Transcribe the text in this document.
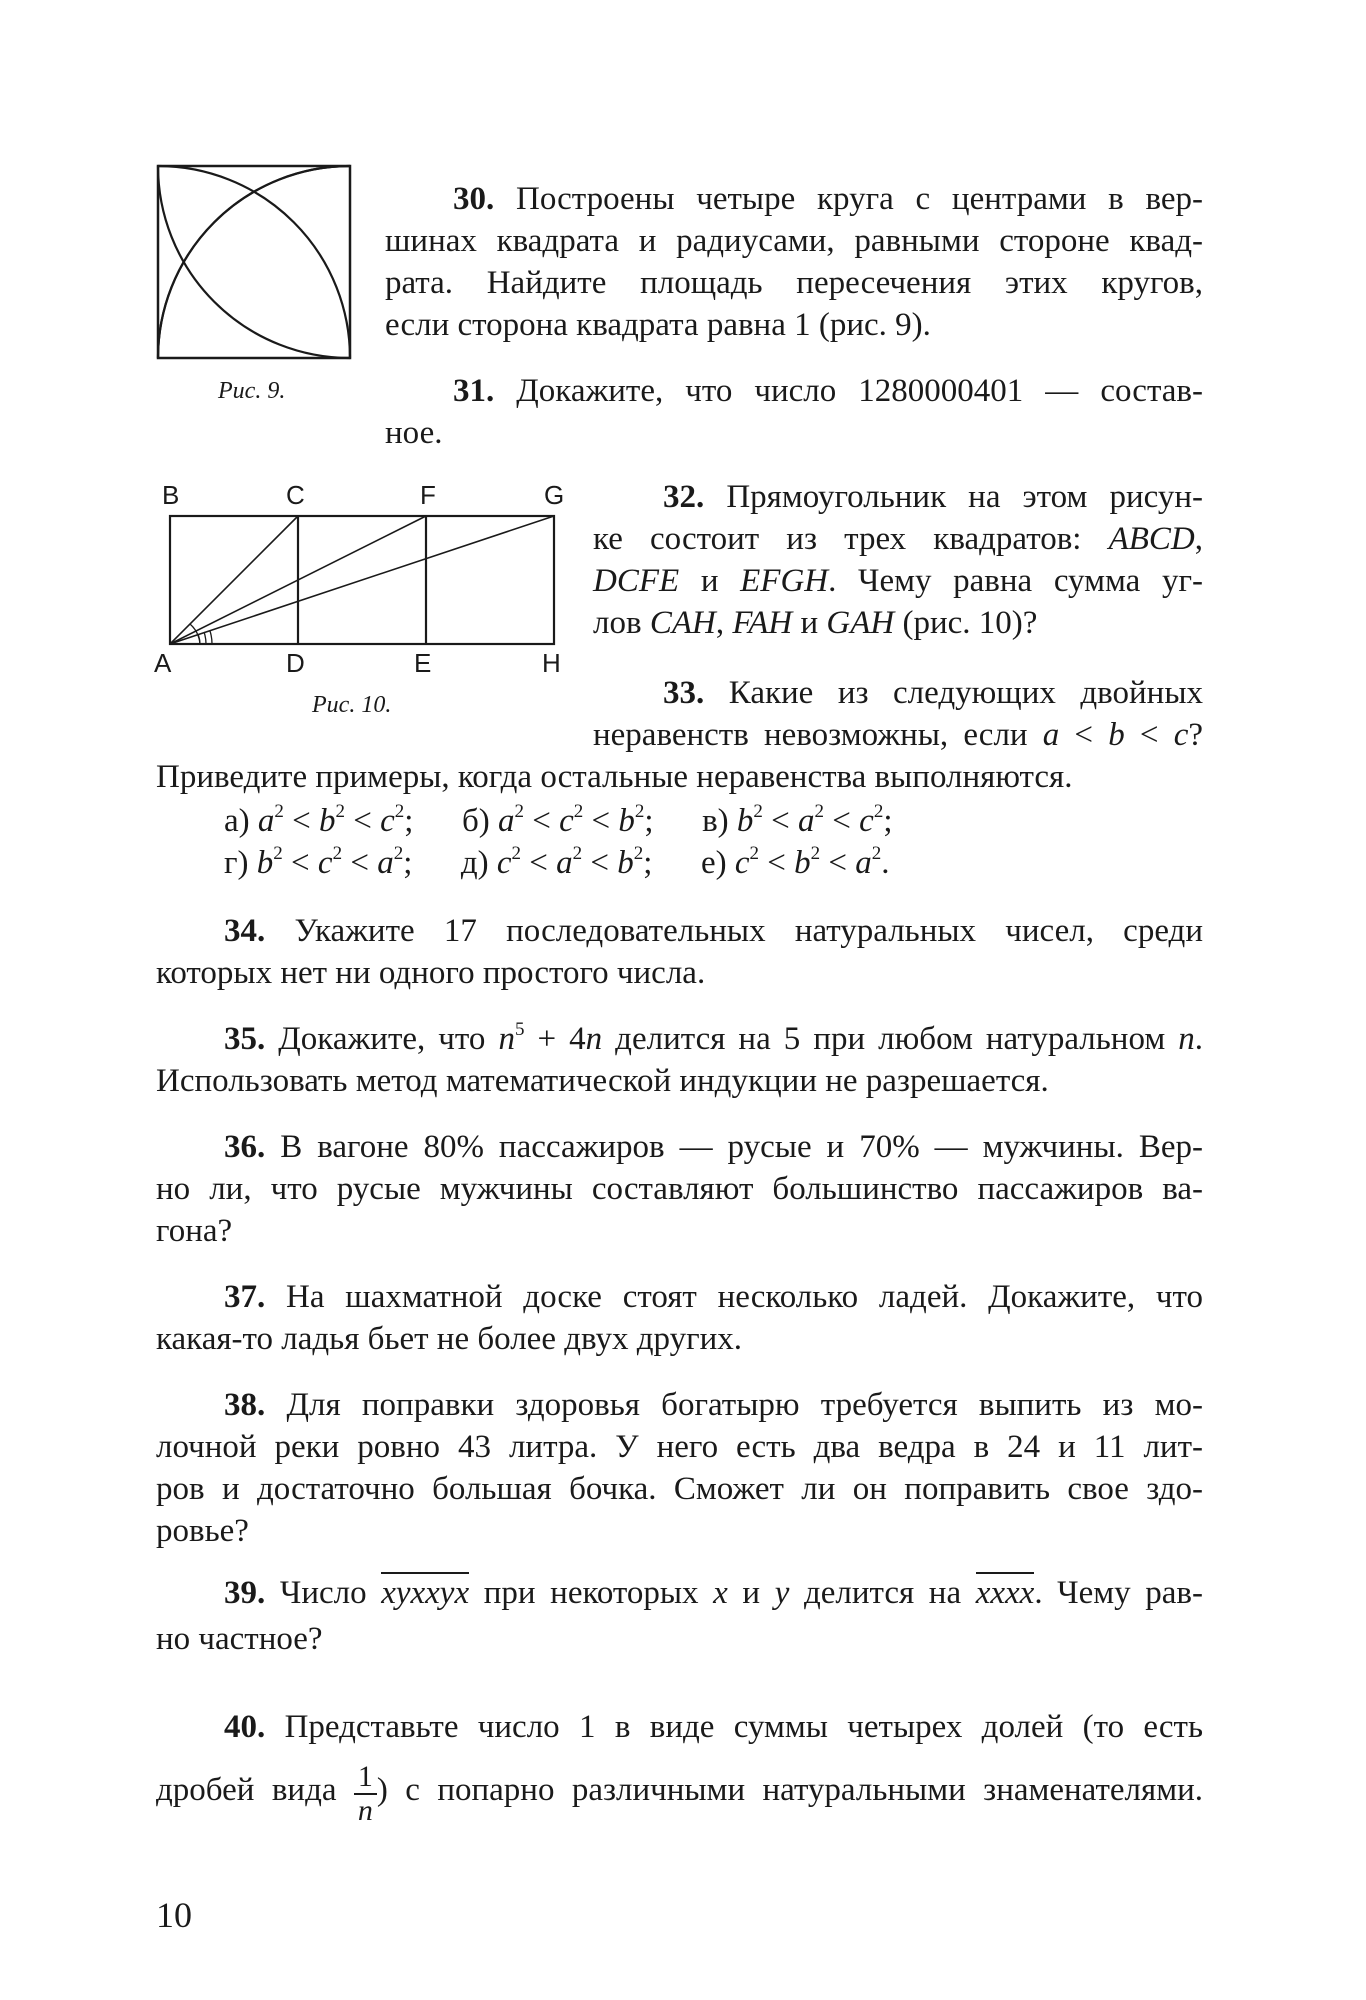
Рис. 9.
30. Построены четыре круга с центрами в вер-
шинах квадрата и радиусами, равными стороне квад-
рата. Найдите площадь пересечения этих кругов,
если сторона квадрата равна 1 (рис. 9).
31. Докажите, что число 1280000401 — состав-
ное.
B	C	F	G
A	D	E	H
Рис. 10.
32. Прямоугольник на этом рисун-
ке состоит из трех квадратов: ABCD,
DCFE и EFGH. Чему равна сумма уг-
лов CAH, FAH и GAH (рис. 10)?
33. Какие из следующих двойных
неравенств невозможны, если a < b < c?
Приведите примеры, когда остальные неравенства выполняются.
а) $a^2 < b^2 < c^2$; б) $a^2 < c^2 < b^2$; в) $b^2 < a^2 < c^2$;
г) $b^2 < c^2 < a^2$; д) $c^2 < a^2 < b^2$; е) $c^2 < b^2 < a^2$.
34. Укажите 17 последовательных натуральных чисел, среди
которых нет ни одного простого числа.
35. Докажите, что $n^5 + 4n$ делится на 5 при любом натуральном n.
Использовать метод математической индукции не разрешается.
36. В вагоне 80% пассажиров — русые и 70% — мужчины. Вер-
но ли, что русые мужчины составляют большинство пассажиров ва-
гона?
37. На шахматной доске стоят несколько ладей. Докажите, что
какая-то ладья бьет не более двух других.
38. Для поправки здоровья богатырю требуется выпить из мо-
лочной реки ровно 43 литра. У него есть два ведра в 24 и 11 лит-
ров и достаточно большая бочка. Сможет ли он поправить свое здо-
ровье?
39. Число xyxxyx при некоторых x и y делится на xxxx. Чему рав-
но частное?
40. Представьте число 1 в виде суммы четырех долей (то есть
дробей вида $\frac{1}{n}$ ) с попарно различными натуральными знаменателями.
10
